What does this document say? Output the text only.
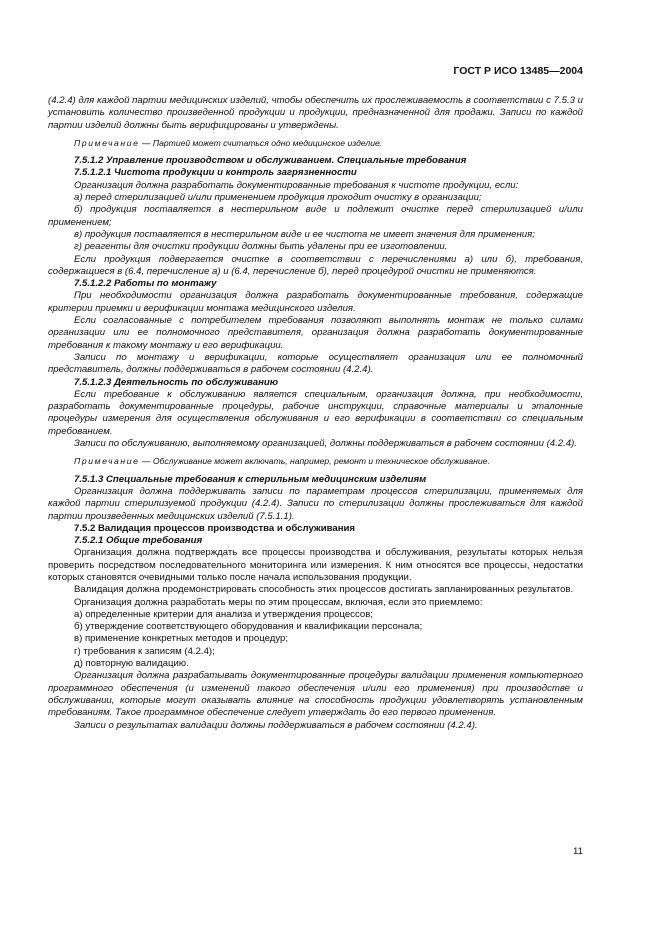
ГОСТ Р ИСО 13485—2004

(4.2.4) для каждой партии медицинских изделий, чтобы обеспечить их прослеживаемость в соответствии с 7.5.3 и установить количество произведенной продукции и продукции, предназначенной для продажи. Записи по каждой партии изделий должны быть верифицированы и утверждены.

Примечание — Партией может считаться одно медицинское изделие.

7.5.1.2 Управление производством и обслуживанием. Специальные требования

7.5.1.2.1 Чистота продукции и контроль загрязненности

Организация должна разработать документированные требования к чистоте продукции, если:

а) перед стерилизацией и/или применением продукция проходит очистку в организации;

б) продукция поставляется в нестерильном виде и подлежит очистке перед стерилизацией и/или применением;

в) продукция поставляется в нестерильном виде и ее чистота не имеет значения для применения;

г) реагенты для очистки продукции должны быть удалены при ее изготовлении.

Если продукция подвергается очистке в соответствии с перечислениями а) или б), требования, содержащиеся в (6.4, перечисление а) и (6.4, перечисление б), перед процедурой очистки не применяются.

7.5.1.2.2 Работы по монтажу

При необходимости организация должна разработать документированные требования, содержащие критерии приемки и верификации монтажа медицинского изделия.

Если согласованные с потребителем требования позволяют выполнять монтаж не только силами организации или ее полномочного представителя, организация должна разработать документированные требования к такому монтажу и его верификации.

Записи по монтажу и верификации, которые осуществляет организация или ее полномочный представитель, должны поддерживаться в рабочем состоянии (4.2.4).

7.5.1.2.3 Деятельность по обслуживанию

Если требование к обслуживанию является специальным, организация должна, при необходимости, разработать документированные процедуры, рабочие инструкции, справочные материалы и эталонные процедуры измерения для осуществления обслуживания и его верификации в соответствии со специальным требованием.

Записи по обслуживанию, выполняемому организацией, должны поддерживаться в рабочем состоянии (4.2.4).

Примечание — Обслуживание может включать, например, ремонт и техническое обслуживание.

7.5.1.3 Специальные требования к стерильным медицинским изделиям

Организация должна поддерживать записи по параметрам процессов стерилизации, применяемых для каждой партии стерилизуемой продукции (4.2.4). Записи по стерилизации должны прослеживаться для каждой партии произведенных медицинских изделий (7.5.1.1).

7.5.2 Валидация процессов производства и обслуживания

7.5.2.1 Общие требования

Организация должна подтверждать все процессы производства и обслуживания, результаты которых нельзя проверить посредством последовательного мониторинга или измерения. К ним относятся все процессы, недостатки которых становятся очевидными только после начала использования продукции.

Валидация должна продемонстрировать способность этих процессов достигать запланированных результатов.

Организация должна разработать меры по этим процессам, включая, если это приемлемо:

а) определенные критерии для анализа и утверждения процессов;

б) утверждение соответствующего оборудования и квалификации персонала;

в) применение конкретных методов и процедур;

г) требования к записям (4.2.4);

д) повторную валидацию.

Организация должна разрабатывать документированные процедуры валидации применения компьютерного программного обеспечения (и изменений такого обеспечения и/или его применения) при производстве и обслуживании, которые могут оказывать влияние на способность продукции удовлетворять установленным требованиям. Такое программное обеспечение следует утверждать до его первого применения.

Записи о результатах валидации должны поддерживаться в рабочем состоянии (4.2.4).

11
